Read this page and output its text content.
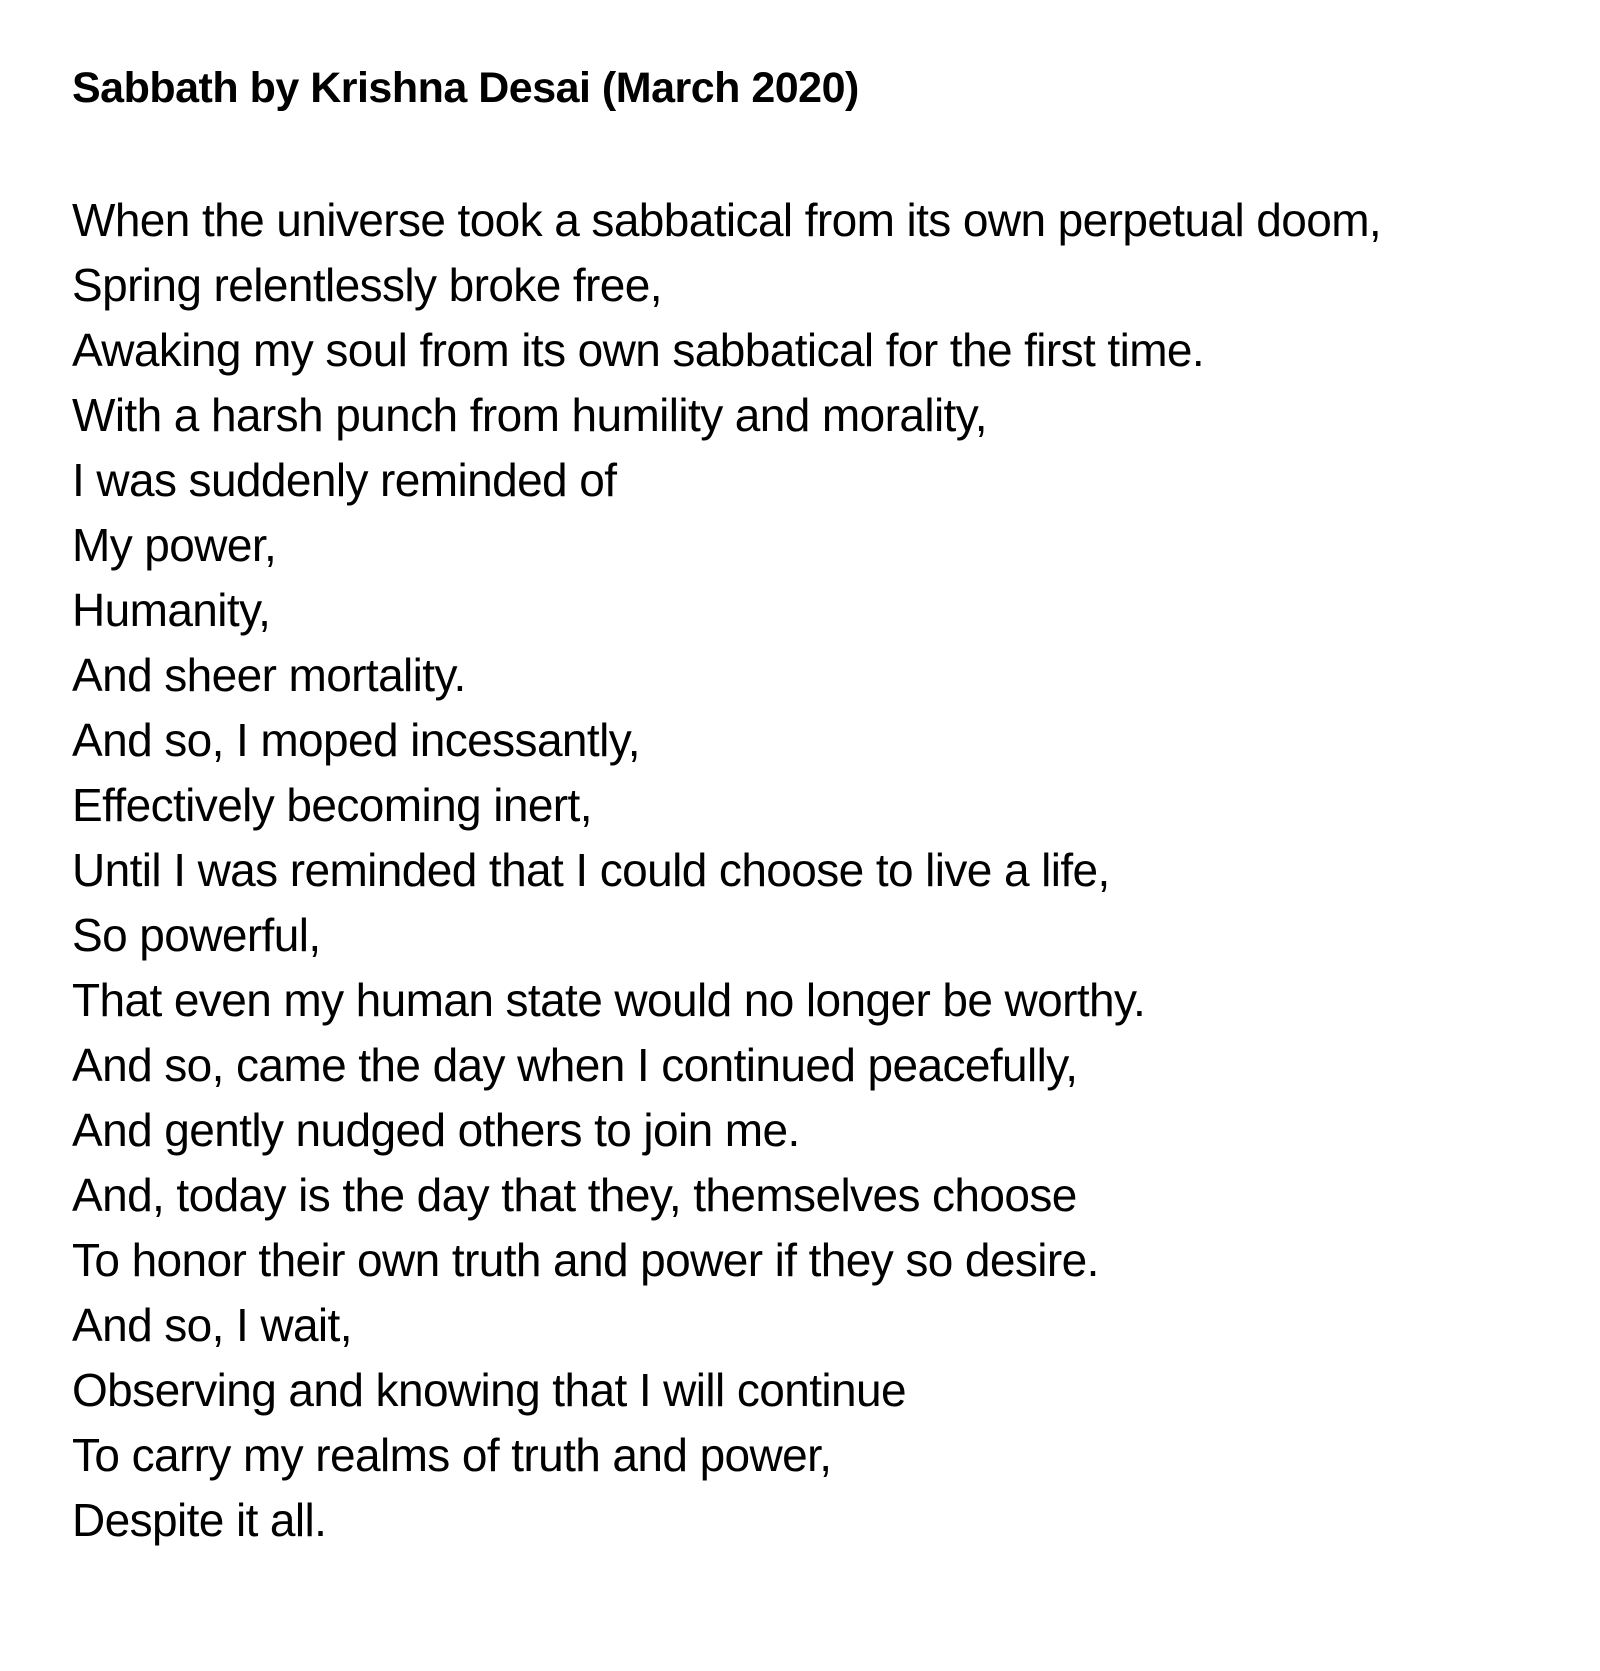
Sabbath by Krishna Desai (March 2020)
When the universe took a sabbatical from its own perpetual doom,
Spring relentlessly broke free,
Awaking my soul from its own sabbatical for the first time.
With a harsh punch from humility and morality,
I was suddenly reminded of
My power,
Humanity,
And sheer mortality.
And so, I moped incessantly,
Effectively becoming inert,
Until I was reminded that I could choose to live a life,
So powerful,
That even my human state would no longer be worthy.
And so, came the day when I continued peacefully,
And gently nudged others to join me.
And, today is the day that they, themselves choose
To honor their own truth and power if they so desire.
And so, I wait,
Observing and knowing that I will continue
To carry my realms of truth and power,
Despite it all.
